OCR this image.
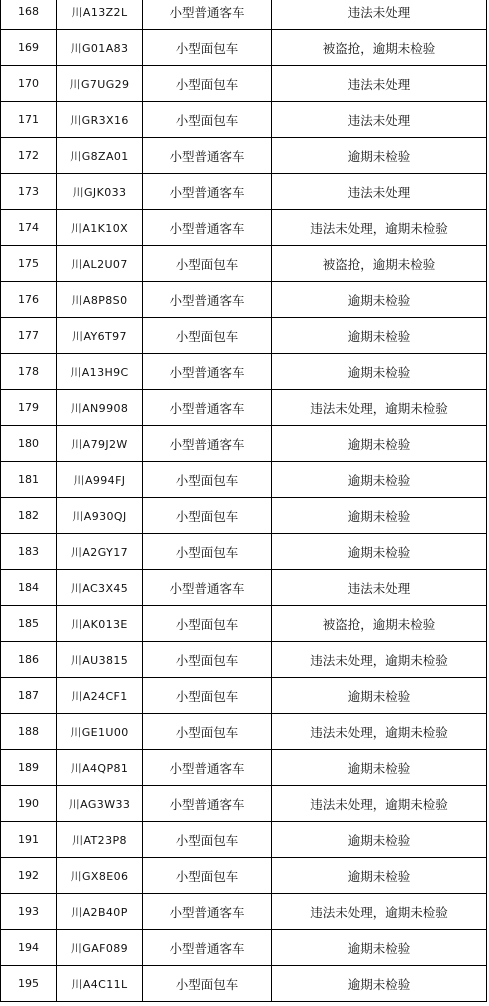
168	川A13Z2L	小型普通客车	违法未处理
169	川G01A83	小型面包车	被盗抢，逾期未检验
170	川G7UG29	小型面包车	违法未处理
171	川GR3X16	小型面包车	违法未处理
172	川G8ZA01	小型普通客车	逾期未检验
173	川GJK033	小型普通客车	违法未处理
174	川A1K10X	小型普通客车	违法未处理，逾期未检验
175	川AL2U07	小型面包车	被盗抢，逾期未检验
176	川A8P8S0	小型普通客车	逾期未检验
177	川AY6T97	小型面包车	逾期未检验
178	川A13H9C	小型普通客车	逾期未检验
179	川AN9908	小型普通客车	违法未处理，逾期未检验
180	川A79J2W	小型普通客车	逾期未检验
181	川A994FJ	小型面包车	逾期未检验
182	川A930QJ	小型面包车	逾期未检验
183	川A2GY17	小型面包车	逾期未检验
184	川AC3X45	小型普通客车	违法未处理
185	川AK013E	小型面包车	被盗抢，逾期未检验
186	川AU3815	小型面包车	违法未处理，逾期未检验
187	川A24CF1	小型面包车	逾期未检验
188	川GE1U00	小型面包车	违法未处理，逾期未检验
189	川A4QP81	小型普通客车	逾期未检验
190	川AG3W33	小型普通客车	违法未处理，逾期未检验
191	川AT23P8	小型面包车	逾期未检验
192	川GX8E06	小型面包车	逾期未检验
193	川A2B40P	小型普通客车	违法未处理，逾期未检验
194	川GAF089	小型普通客车	逾期未检验
195	川A4C11L	小型面包车	逾期未检验
